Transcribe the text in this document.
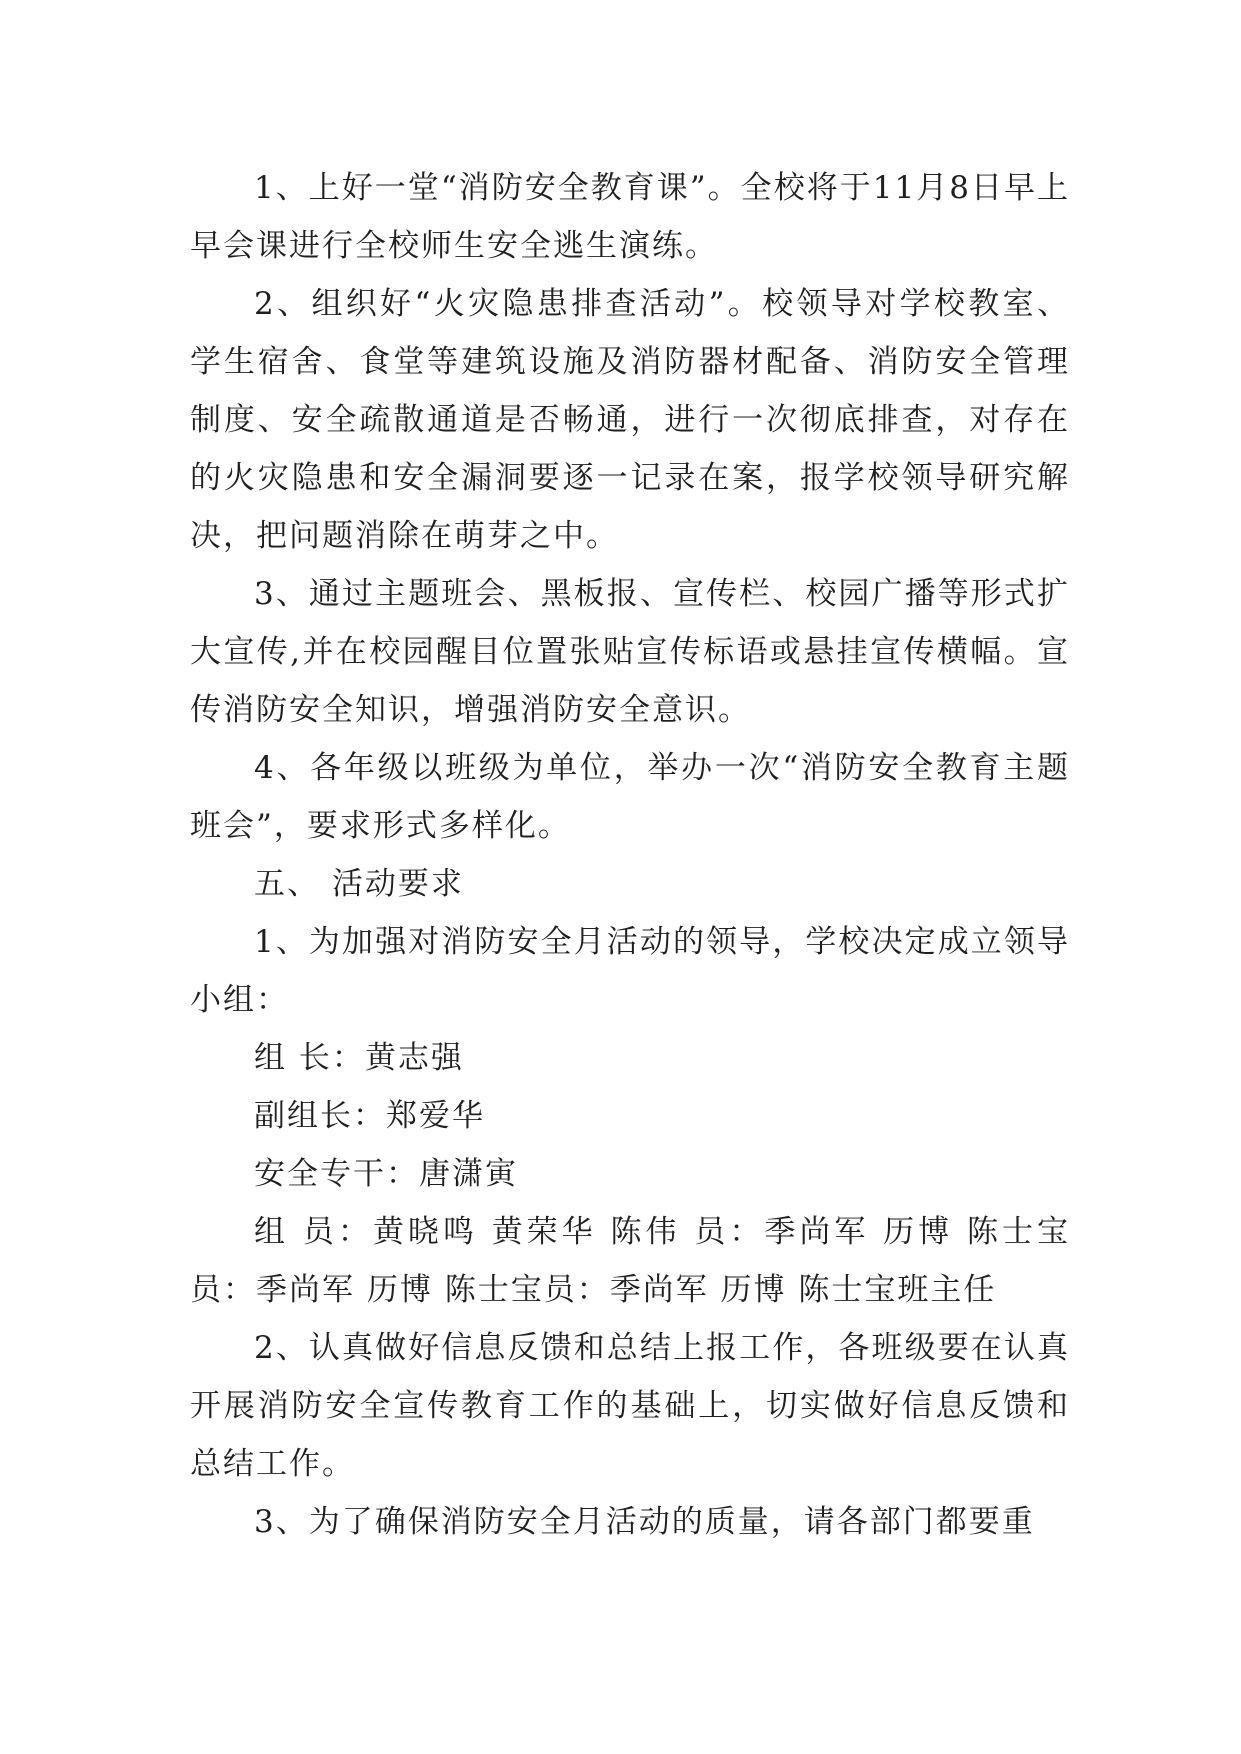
1、上好一堂“消防安全教育课”。全校将于11月8日早上早会课进行全校师生安全逃生演练。

2、组织好“火灾隐患排查活动”。校领导对学校教室、学生宿舍、食堂等建筑设施及消防器材配备、消防安全管理制度、安全疏散通道是否畅通，进行一次彻底排查，对存在的火灾隐患和安全漏洞要逐一记录在案，报学校领导研究解决，把问题消除在萌芽之中。

3、通过主题班会、黑板报、宣传栏、校园广播等形式扩大宣传,并在校园醒目位置张贴宣传标语或悬挂宣传横幅。宣传消防安全知识，增强消防安全意识。

4、各年级以班级为单位，举办一次“消防安全教育主题班会”，要求形式多样化。

五、 活动要求

1、为加强对消防安全月活动的领导，学校决定成立领导小组：

组 长：黄志强

副组长：郑爱华

安全专干：唐潇寅

组 员：黄晓鸣 黄荣华 陈伟 员：季尚军 历博 陈士宝员：季尚军 历博 陈士宝员：季尚军 历博 陈士宝班主任

2、认真做好信息反馈和总结上报工作，各班级要在认真开展消防安全宣传教育工作的基础上，切实做好信息反馈和总结工作。

3、为了确保消防安全月活动的质量，请各部门都要重
